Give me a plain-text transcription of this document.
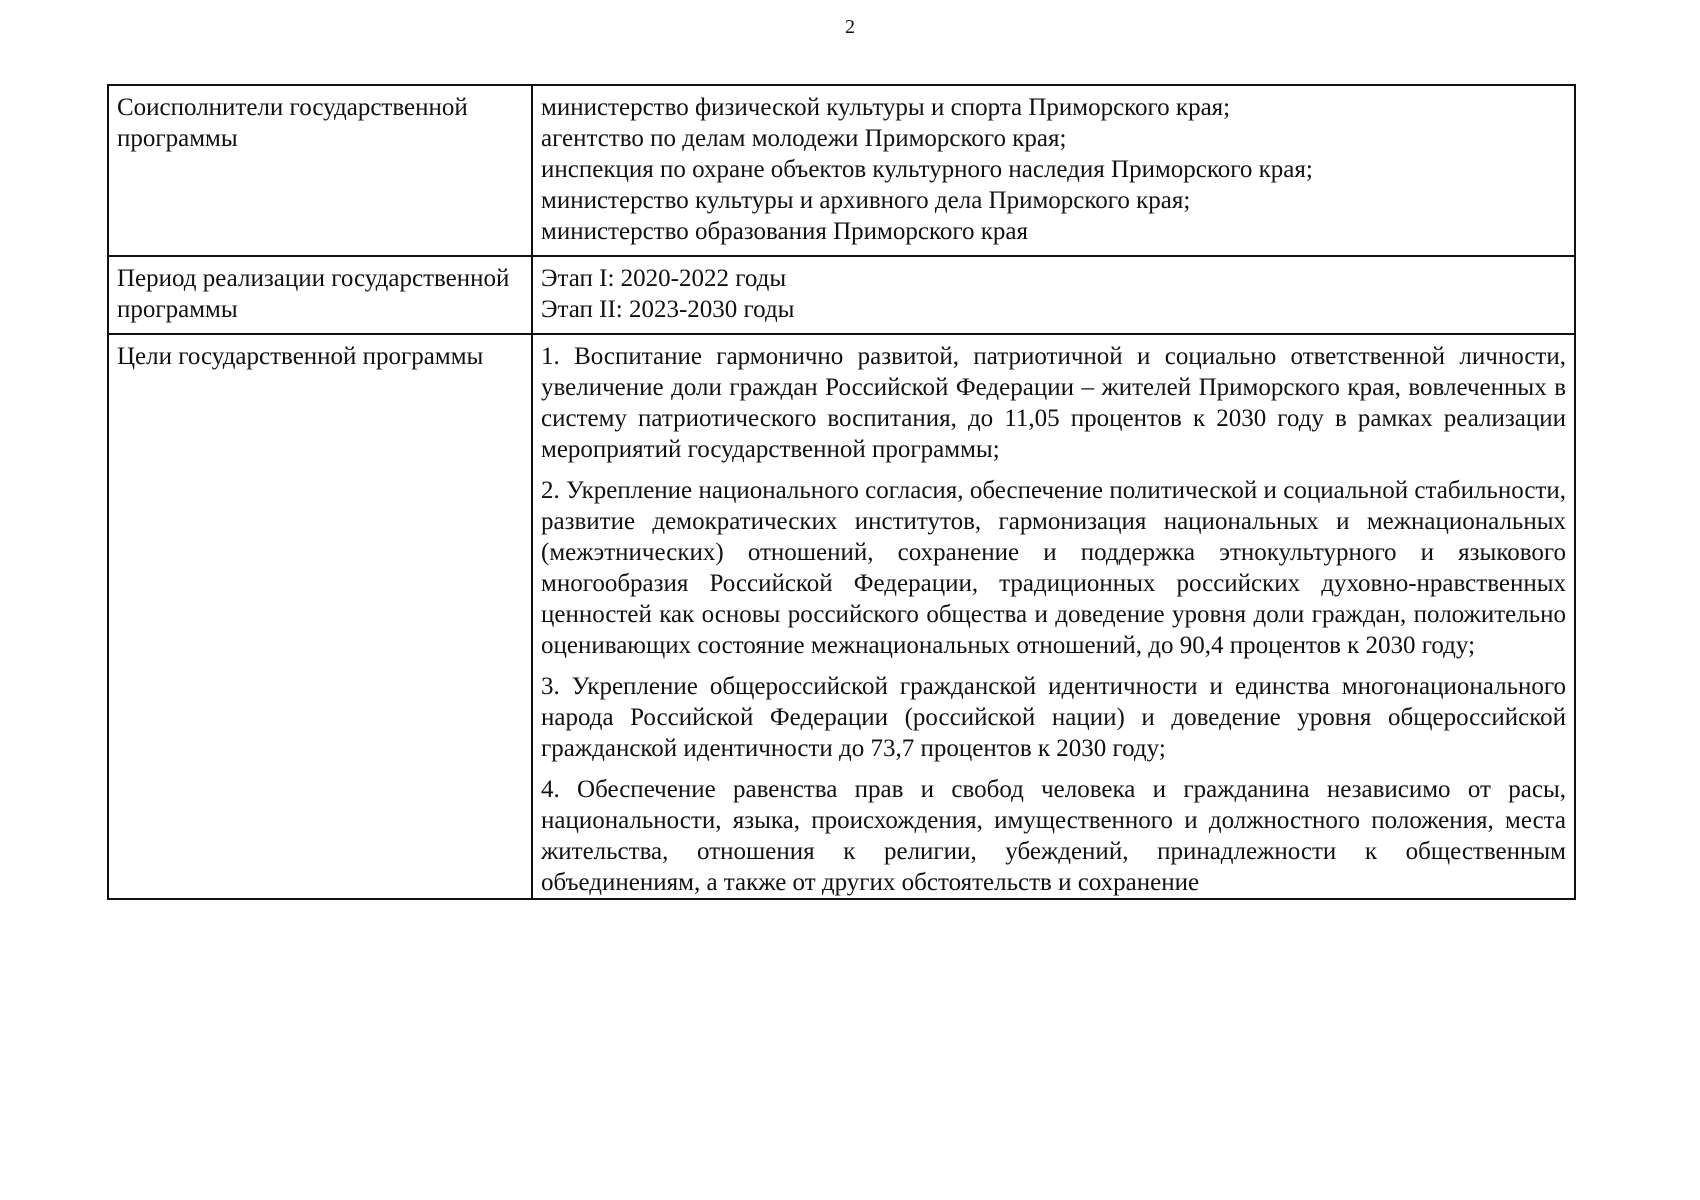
2
Соисполнители государственной программы	министерство физической культуры и спорта Приморского края;
агентство по делам молодежи Приморского края;
инспекция по охране объектов культурного наследия Приморского края;
министерство культуры и архивного дела Приморского края;
министерство образования Приморского края

Период реализации государственной программы	Этап I: 2020-2022 годы
Этап II: 2023-2030 годы

Цели государственной программы	1. Воспитание гармонично развитой, патриотичной и социально ответственной личности, увеличение доли граждан Российской Федерации – жителей Приморского края, вовлеченных в систему патриотического воспитания, до 11,05 процентов к 2030 году в рамках реализации мероприятий государственной программы;
2. Укрепление национального согласия, обеспечение политической и социальной стабильности, развитие демократических институтов, гармонизация национальных и межнациональных (межэтнических) отношений, сохранение и поддержка этнокультурного и языкового многообразия Российской Федерации, традиционных российских духовно-нравственных ценностей как основы российского общества и доведение уровня доли граждан, положительно оценивающих состояние межнациональных отношений, до 90,4 процентов к 2030 году;
3. Укрепление общероссийской гражданской идентичности и единства многонационального народа Российской Федерации (российской нации) и доведение уровня общероссийской гражданской идентичности до 73,7 процентов к 2030 году;
4. Обеспечение равенства прав и свобод человека и гражданина независимо от расы, национальности, языка, происхождения, имущественного и должностного положения, места жительства, отношения к религии, убеждений, принадлежности к общественным объединениям, а также от других обстоятельств и сохранение
